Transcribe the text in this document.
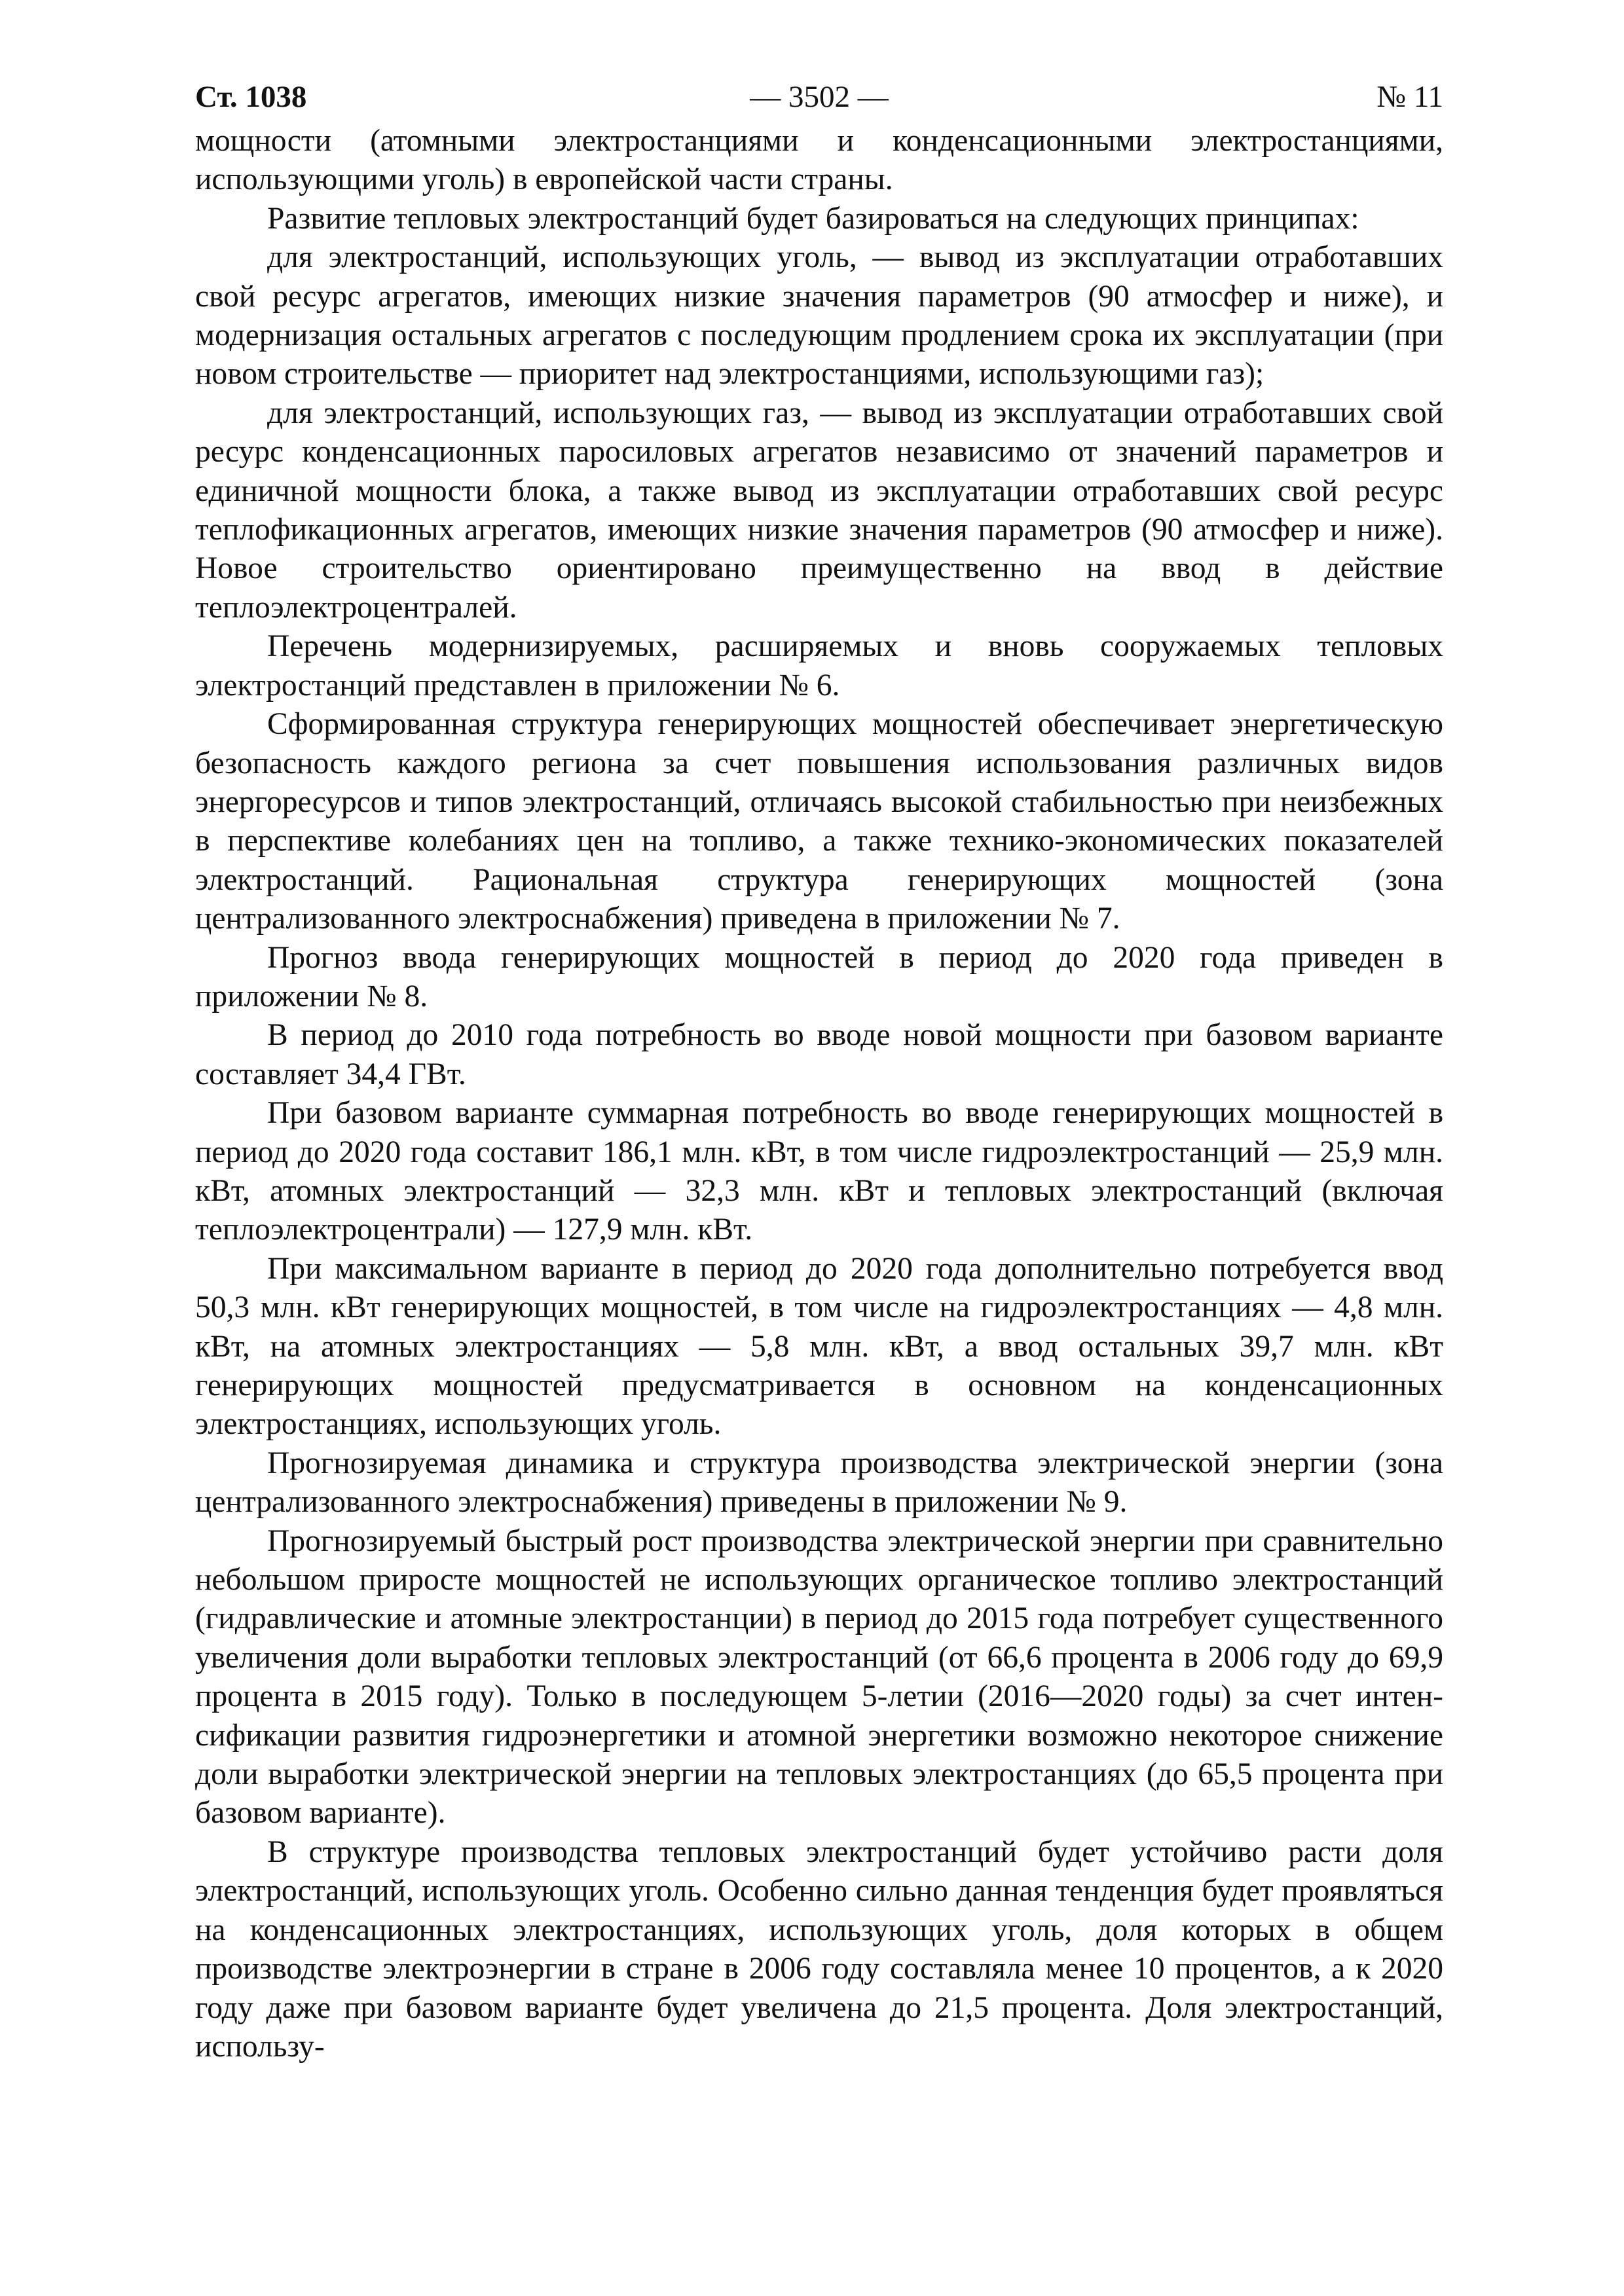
Ст. 1038	— 3502 —	№ 11

мощности (атомными электростанциями и конденсационными электростанциями, использующими уголь) в европейской части страны.

Развитие тепловых электростанций будет базироваться на следующих принципах:

для электростанций, использующих уголь, — вывод из эксплуатации отработавших свой ресурс агрегатов, имеющих низкие значения параметров (90 атмосфер и ниже), и модернизация остальных агрегатов с последующим продлением срока их эксплуатации (при новом строительстве — приоритет над электростанциями, использующими газ);

для электростанций, использующих газ, — вывод из эксплуатации отработавших свой ресурс конденсационных паросиловых агрегатов независимо от значений параметров и единичной мощности блока, а также вывод из эксплуатации отработавших свой ресурс теплофикационных агрегатов, имеющих низкие значения параметров (90 атмосфер и ниже). Новое строительство ориентировано преимущественно на ввод в действие теплоэлектроцентралей.

Перечень модернизируемых, расширяемых и вновь сооружаемых тепловых электростанций представлен в приложении № 6.

Сформированная структура генерирующих мощностей обеспечивает энергетическую безопасность каждого региона за счет повышения использования различных видов энергоресурсов и типов электростанций, отличаясь высокой стабильностью при неизбежных в перспективе колебаниях цен на топливо, а также технико-экономических показателей электростанций. Рациональная структура генерирующих мощностей (зона централизованного электроснабжения) приведена в приложении № 7.

Прогноз ввода генерирующих мощностей в период до 2020 года приведен в приложении № 8.

В период до 2010 года потребность во вводе новой мощности при базовом варианте составляет 34,4 ГВт.

При базовом варианте суммарная потребность во вводе генерирующих мощностей в период до 2020 года составит 186,1 млн. кВт, в том числе гидроэлектростанций — 25,9 млн. кВт, атомных электростанций — 32,3 млн. кВт и тепловых электростанций (включая теплоэлектроцентрали) — 127,9 млн. кВт.

При максимальном варианте в период до 2020 года дополнительно потребуется ввод 50,3 млн. кВт генерирующих мощностей, в том числе на гидроэлектростанциях — 4,8 млн. кВт, на атомных электростанциях — 5,8 млн. кВт, а ввод остальных 39,7 млн. кВт генерирующих мощностей предусматривается в основном на конденсационных электростанциях, использующих уголь.

Прогнозируемая динамика и структура производства электрической энергии (зона централизованного электроснабжения) приведены в приложении № 9.

Прогнозируемый быстрый рост производства электрической энергии при сравнительно небольшом приросте мощностей не использующих органическое топливо электростанций (гидравлические и атомные электростанции) в период до 2015 года потребует существенного увеличения доли выработки тепловых электростанций (от 66,6 процента в 2006 году до 69,9 процента в 2015 году). Только в последующем 5-летии (2016—2020 годы) за счет интенсификации развития гидроэнергетики и атомной энергетики возможно некоторое снижение доли выработки электрической энергии на тепловых электростанциях (до 65,5 процента при базовом варианте).

В структуре производства тепловых электростанций будет устойчиво расти доля электростанций, использующих уголь. Особенно сильно данная тенденция будет проявляться на конденсационных электростанциях, использующих уголь, доля которых в общем производстве электроэнергии в стране в 2006 году составляла менее 10 процентов, а к 2020 году даже при базовом варианте будет увеличена до 21,5 процента. Доля электростанций, использу-
